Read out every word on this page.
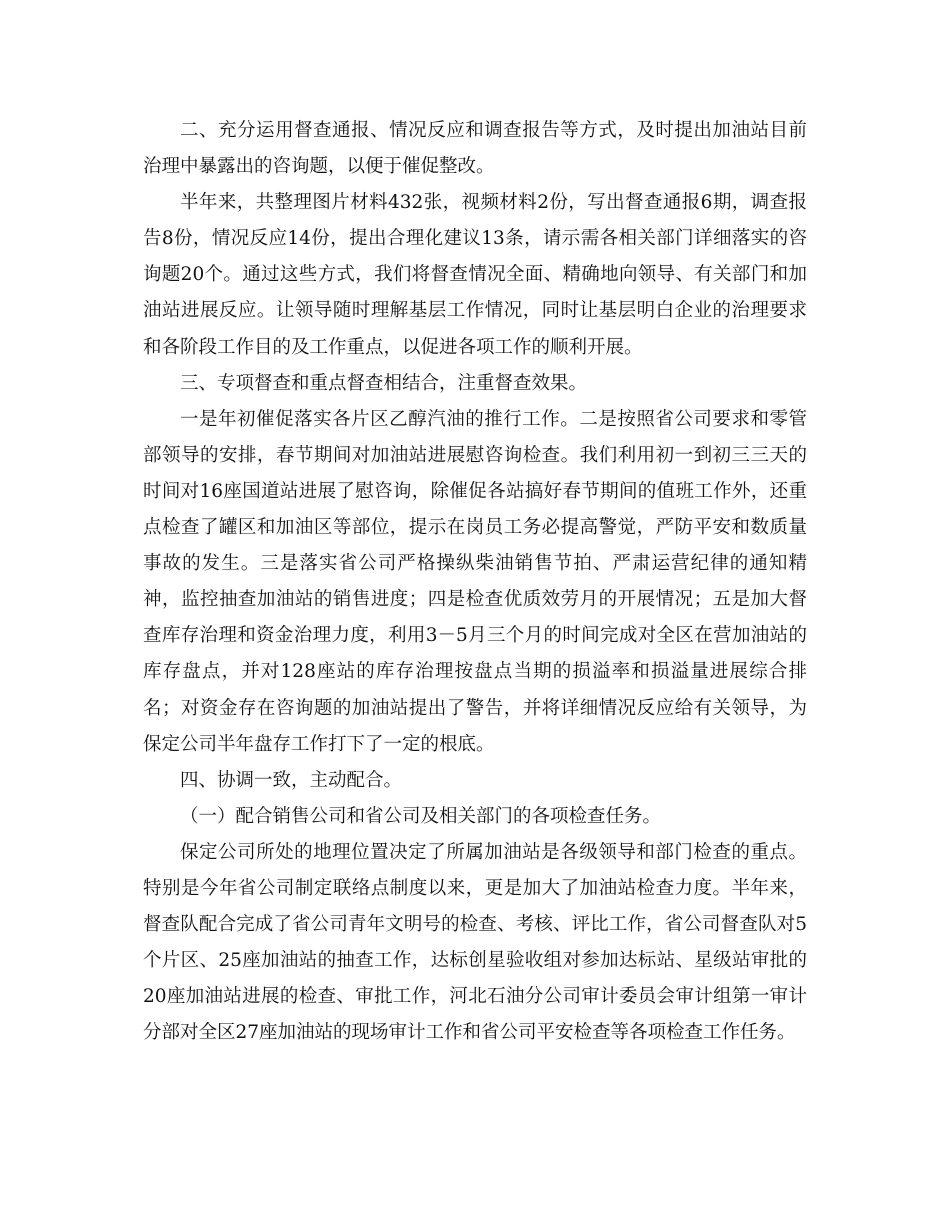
二、充分运用督查通报、情况反应和调查报告等方式，及时提出加油站目前治理中暴露出的咨询题，以便于催促整改。

半年来，共整理图片材料432张，视频材料2份，写出督查通报6期，调查报告8份，情况反应14份，提出合理化建议13条，请示需各相关部门详细落实的咨询题20个。通过这些方式，我们将督查情况全面、精确地向领导、有关部门和加油站进展反应。让领导随时理解基层工作情况，同时让基层明白企业的治理要求和各阶段工作目的及工作重点，以促进各项工作的顺利开展。

三、专项督查和重点督查相结合，注重督查效果。

一是年初催促落实各片区乙醇汽油的推行工作。二是按照省公司要求和零管部领导的安排，春节期间对加油站进展慰咨询检查。我们利用初一到初三三天的时间对16座国道站进展了慰咨询，除催促各站搞好春节期间的值班工作外，还重点检查了罐区和加油区等部位，提示在岗员工务必提高警觉，严防平安和数质量事故的发生。三是落实省公司严格操纵柴油销售节拍、严肃运营纪律的通知精神，监控抽查加油站的销售进度；四是检查优质效劳月的开展情况；五是加大督查库存治理和资金治理力度，利用3－5月三个月的时间完成对全区在营加油站的库存盘点，并对128座站的库存治理按盘点当期的损溢率和损溢量进展综合排名；对资金存在咨询题的加油站提出了警告，并将详细情况反应给有关领导，为保定公司半年盘存工作打下了一定的根底。

四、协调一致，主动配合。

（一）配合销售公司和省公司及相关部门的各项检查任务。

保定公司所处的地理位置决定了所属加油站是各级领导和部门检查的重点。特别是今年省公司制定联络点制度以来，更是加大了加油站检查力度。半年来，督查队配合完成了省公司青年文明号的检查、考核、评比工作，省公司督查队对5个片区、25座加油站的抽查工作，达标创星验收组对参加达标站、星级站审批的20座加油站进展的检查、审批工作，河北石油分公司审计委员会审计组第一审计分部对全区27座加油站的现场审计工作和省公司平安检查等各项检查工作任务。
